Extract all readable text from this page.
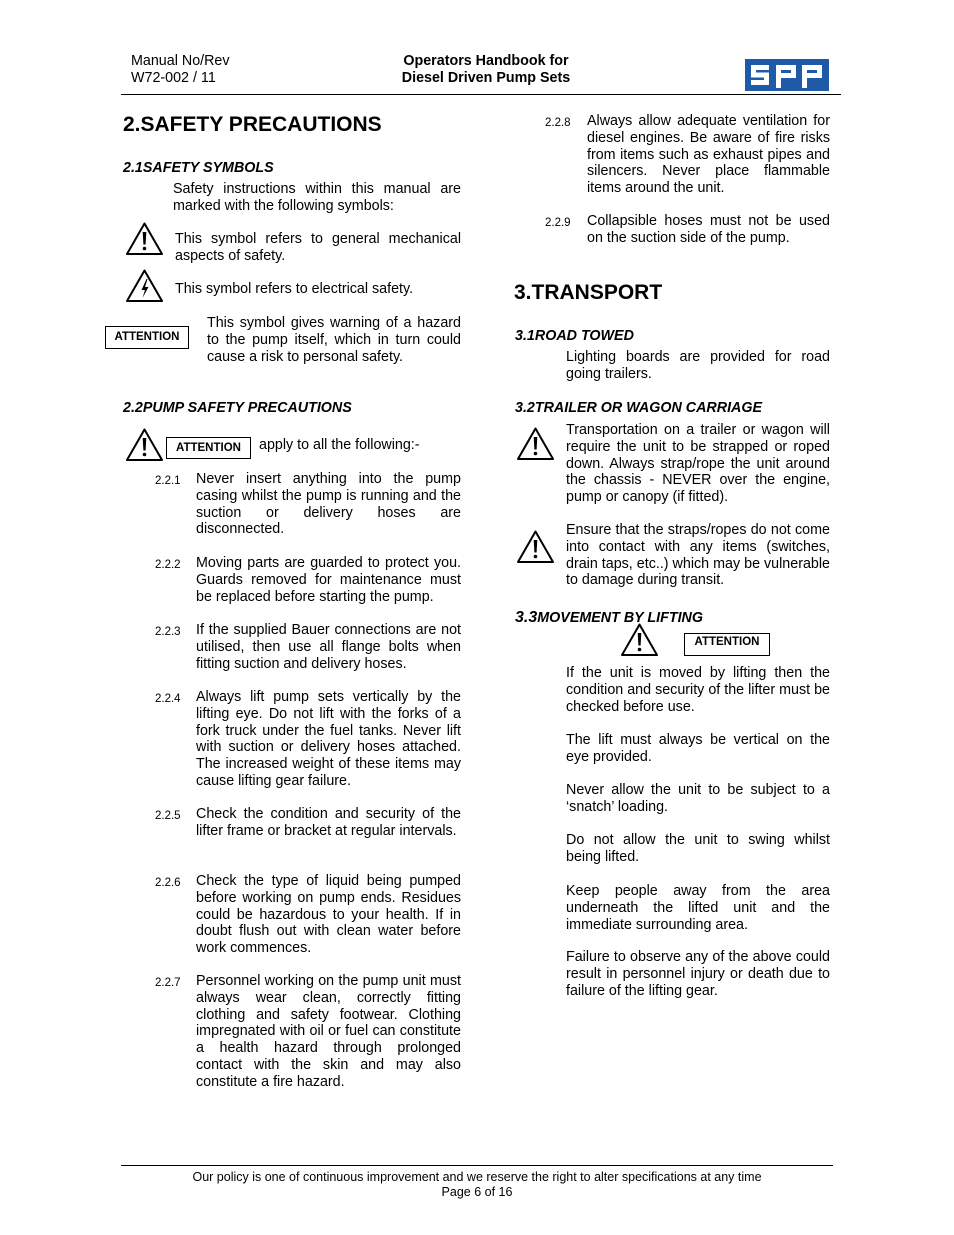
Manual No/Rev
W72-002 / 11
Operators Handbook for
Diesel Driven Pump Sets
2.SAFETY PRECAUTIONS
2.1SAFETY SYMBOLS
Safety instructions within this manual are marked with the following symbols:
This symbol refers to general mechanical aspects of safety.
This symbol refers to electrical safety.
ATTENTION
This symbol gives warning of a hazard to the pump itself, which in turn could cause a risk to personal safety.
2.2PUMP SAFETY PRECAUTIONS
ATTENTION	apply to all the following:-
2.2.1 Never insert anything into the pump casing whilst the pump is running and the suction or delivery hoses are disconnected.
2.2.2 Moving parts are guarded to protect you. Guards removed for maintenance must be replaced before starting the pump.
2.2.3 If the supplied Bauer connections are not utilised, then use all flange bolts when fitting suction and delivery hoses.
2.2.4 Always lift pump sets vertically by the lifting eye. Do not lift with the forks of a fork truck under the fuel tanks. Never lift with suction or delivery hoses attached. The increased weight of these items may cause lifting gear failure.
2.2.5 Check the condition and security of the lifter frame or bracket at regular intervals.
2.2.6 Check the type of liquid being pumped before working on pump ends. Residues could be hazardous to your health. If in doubt flush out with clean water before work commences.
2.2.7 Personnel working on the pump unit must always wear clean, correctly fitting clothing and safety footwear. Clothing impregnated with oil or fuel can constitute a health hazard through prolonged contact with the skin and may also constitute a fire hazard.
2.2.8 Always allow adequate ventilation for diesel engines. Be aware of fire risks from items such as exhaust pipes and silencers. Never place flammable items around the unit.
2.2.9 Collapsible hoses must not be used on the suction side of the pump.
3.TRANSPORT
3.1ROAD TOWED
Lighting boards are provided for road going trailers.
3.2TRAILER OR WAGON CARRIAGE
Transportation on a trailer or wagon will require the unit to be strapped or roped down. Always strap/rope the unit around the chassis - NEVER over the engine, pump or canopy (if fitted).
Ensure that the straps/ropes do not come into contact with any items (switches, drain taps, etc..) which may be vulnerable to damage during transit.
3.3MOVEMENT BY LIFTING
ATTENTION
If the unit is moved by lifting then the condition and security of the lifter must be checked before use.
The lift must always be vertical on the eye provided.
Never allow the unit to be subject to a ‘snatch’ loading.
Do not allow the unit to swing whilst being lifted.
Keep people away from the area underneath the lifted unit and the immediate surrounding area.
Failure to observe any of the above could result in personnel injury or death due to failure of the lifting gear.
Our policy is one of continuous improvement and we reserve the right to alter specifications at any time
Page 6 of 16
